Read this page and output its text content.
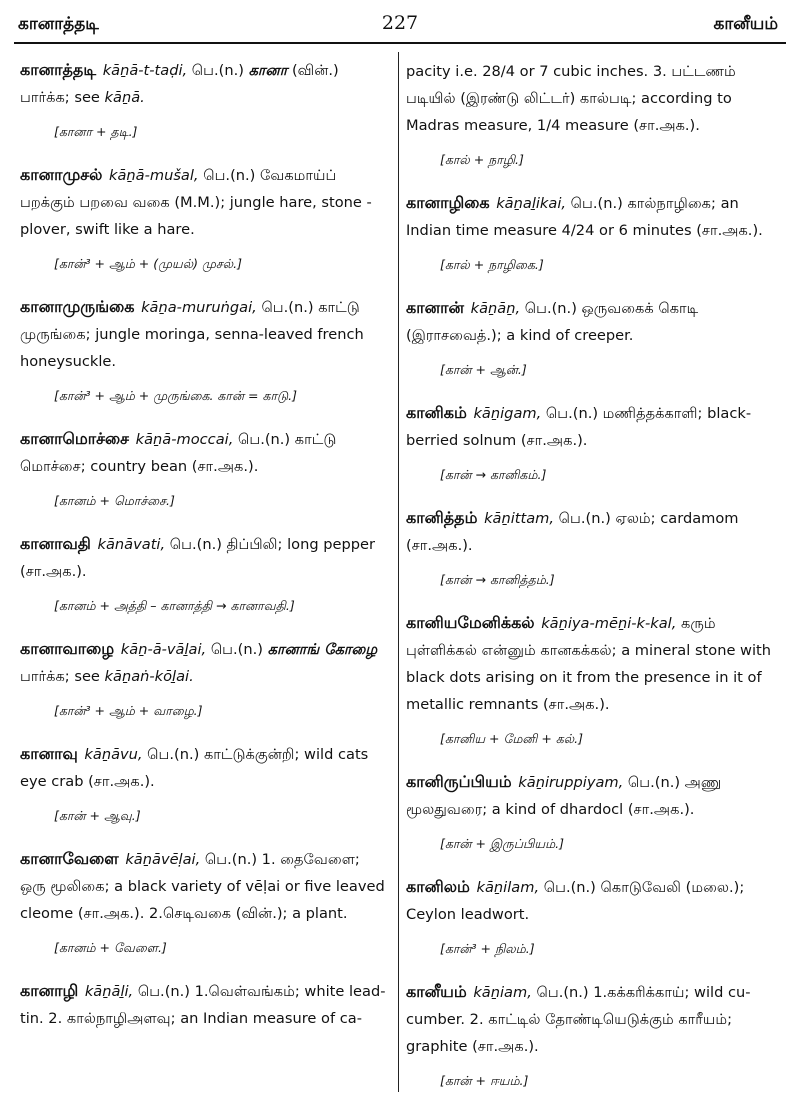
கானாத்தடி	227	கானீயம்

கானாத்தடி kāṉā-t-taḍi, பெ.(n.) கானா (வின்.) பார்க்க; see kāṉā.

[கானா + தடி.]

கானாமுசல் kāṉā-mušal, பெ.(n.) வேகமாய்ப் பறக்கும் பறவை வகை (M.M.); jungle hare, stone - plover, swift like a hare.

[கான்³ + ஆம் + (முயல்) முசல்.]

கானாமுருங்கை kāṉa-muruṅgai, பெ.(n.) காட்டு முருங்கை; jungle moringa, senna-leaved french honeysuckle.

[கான்³ + ஆம் + முருங்கை. கான் = காடு.]

கானாமொச்சை kāṉā-moccai, பெ.(n.) காட்டு மொச்சை; country bean (சா.அக.).

[கானம் + மொச்சை.]

கானாவதி kānāvati, பெ.(n.) திப்பிலி; long pepper (சா.அக.).

[கானம் + அத்தி – கானாத்தி → கானாவதி.]

கானாவாழை kāṉ-ā-vāḻai, பெ.(n.) கானாங் கோழை பார்க்க; see kāṉaṅ-kōḻai.

[கான்³ + ஆம் + வாழை.]

கானாவு kāṉāvu, பெ.(n.) காட்டுக்குன்றி; wild cats eye crab (சா.அக.).

[கான் + ஆவு.]

கானாவேளை kāṉāvēḷai, பெ.(n.) 1. தைவேளை; ஒரு மூலிகை; a black variety of vēḷai or five leaved cleome (சா.அக.). 2.செடிவகை (வின்.); a plant.

[கானம் + வேளை.]

கானாழி kāṉāḻi, பெ.(n.) 1.வெள்வங்கம்; white lead-tin. 2. கால்நாழிஅளவு; an Indian measure of ca-

pacity i.e. 28/4 or 7 cubic inches. 3. பட்டணம் படியில் (இரண்டு லிட்டர்) கால்படி; according to Madras measure, 1/4 measure (சா.அக.).

[கால் + நாழி.]

கானாழிகை kāṉaḻikai, பெ.(n.) கால்நாழிகை; an Indian time measure 4/24 or 6 minutes (சா.அக.).

[கால் + நாழிகை.]

கானான் kāṉāṉ, பெ.(n.) ஒருவகைக் கொடி (இராசவைத்.); a kind of creeper.

[கான் + ஆன்.]

கானிகம் kāṉigam, பெ.(n.) மணித்தக்காளி; black-berried solnum (சா.அக.).

[கான் → கானிகம்.]

கானித்தம் kāṉittam, பெ.(n.) ஏலம்; cardamom (சா.அக.).

[கான் → கானித்தம்.]

கானியமேனிக்கல் kāṉiya-mēṉi-k-kal, கரும் புள்ளிக்கல் என்னும் கானகக்கல்; a mineral stone with black dots arising on it from the presence in it of metallic remnants (சா.அக.).

[கானிய + மேனி + கல்.]

கானிருப்பியம் kāṉiruppiyam, பெ.(n.) அணு மூலதுவரை; a kind of dhardocl (சா.அக.).

[கான் + இருப்பியம்.]

கானிலம் kāṉilam, பெ.(n.) கொடுவேலி (மலை.); Ceylon leadwort.

[கான்³ + நிலம்.]

கானீயம் kāṉiam, பெ.(n.) 1.கக்கரிக்காய்; wild cu-cumber. 2. காட்டில் தோண்டியெடுக்கும் காரீயம்; graphite (சா.அக.).

[கான் + ஈயம்.]
